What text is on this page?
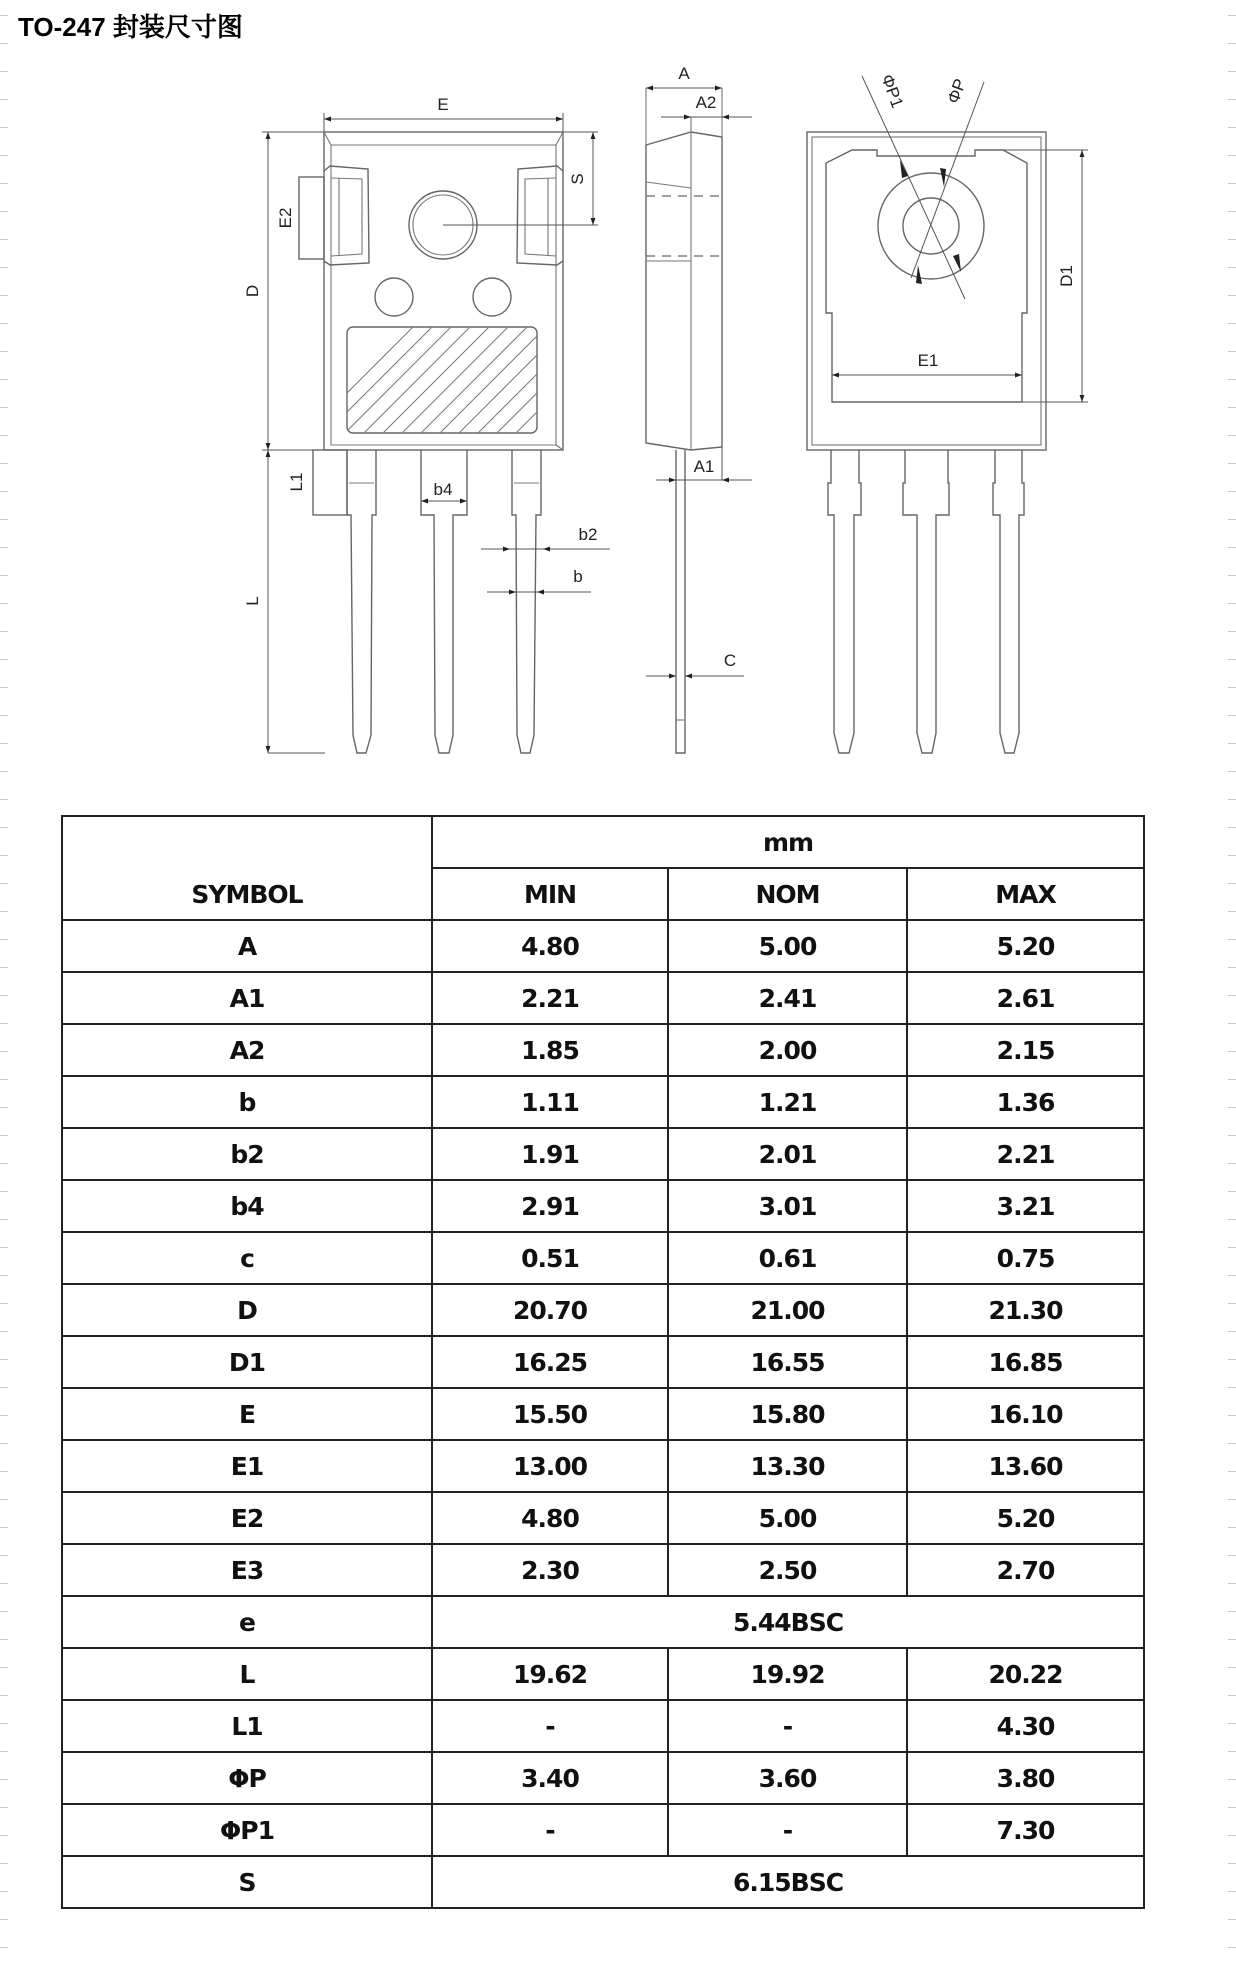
TO-247 封装尺寸图
E
D
E2
S
L
L1	b4
b2
b
A
A2
A1
C
ΦP1 ΦP
D1
E1
SYMBOL	mm		
	MIN	NOM	MAX
A	4.80	5.00	5.20
A1	2.21	2.41	2.61
A2	1.85	2.00	2.15
b	1.11	1.21	1.36
b2	1.91	2.01	2.21
b4	2.91	3.01	3.21
c	0.51	0.61	0.75
D	20.70	21.00	21.30
D1	16.25	16.55	16.85
E	15.50	15.80	16.10
E1	13.00	13.30	13.60
E2	4.80	5.00	5.20
E3	2.30	2.50	2.70
e	5.44BSC		
L	19.62	19.92	20.22
L1	-	-	4.30
ΦP	3.40	3.60	3.80
ΦP1	-	-	7.30
S	6.15BSC		
